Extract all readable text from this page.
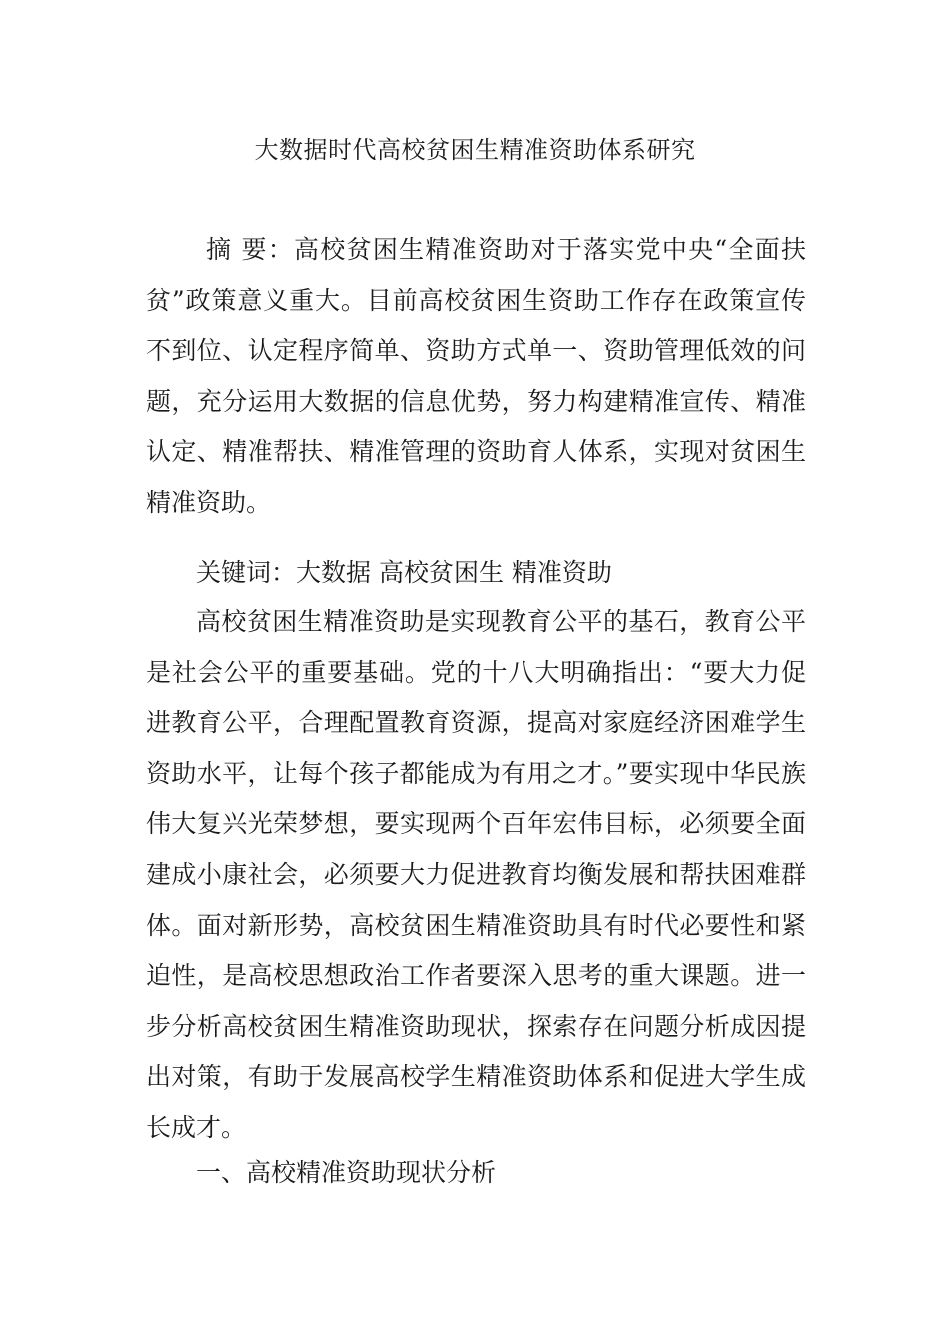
大数据时代高校贫困生精准资助体系研究
摘 要：高校贫困生精准资助对于落实党中央“全面扶贫”政策意义重大。目前高校贫困生资助工作存在政策宣传不到位、认定程序简单、资助方式单一、资助管理低效的问题，充分运用大数据的信息优势，努力构建精准宣传、精准认定、精准帮扶、精准管理的资助育人体系，实现对贫困生精准资助。
关键词：大数据 高校贫困生 精准资助
高校贫困生精准资助是实现教育公平的基石，教育公平是社会公平的重要基础。党的十八大明确指出：“要大力促进教育公平，合理配置教育资源，提高对家庭经济困难学生资助水平，让每个孩子都能成为有用之才。”要实现中华民族伟大复兴光荣梦想，要实现两个百年宏伟目标，必须要全面建成小康社会，必须要大力促进教育均衡发展和帮扶困难群体。面对新形势，高校贫困生精准资助具有时代必要性和紧迫性，是高校思想政治工作者要深入思考的重大课题。进一步分析高校贫困生精准资助现状，探索存在问题分析成因提出对策，有助于发展高校学生精准资助体系和促进大学生成长成才。
一、高校精准资助现状分析
